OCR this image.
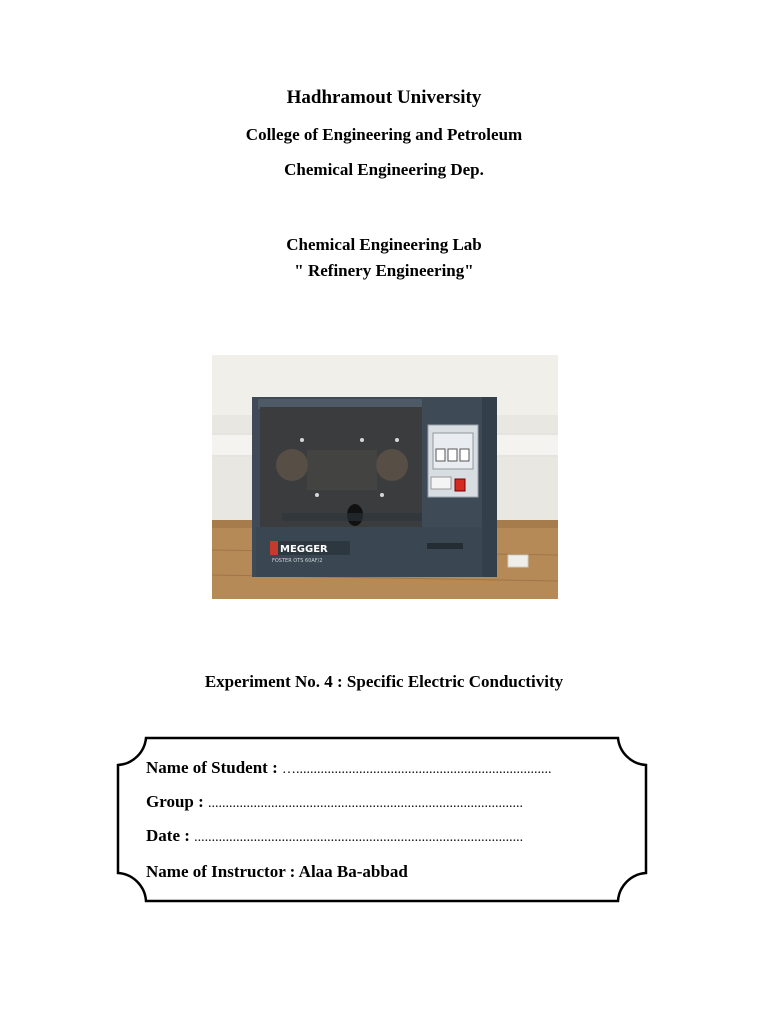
Hadhramout University
College of Engineering and Petroleum
Chemical Engineering Dep.
Chemical Engineering Lab
" Refinery Engineering"
MEGGER
FOSTER OTS 60AF/2
Experiment No. 4 : Specific Electric Conductivity
Name of Student : ….........................................................................
Group : ..........................................................................................
Date : ..............................................................................................
Name of Instructor : Alaa Ba-abbad
